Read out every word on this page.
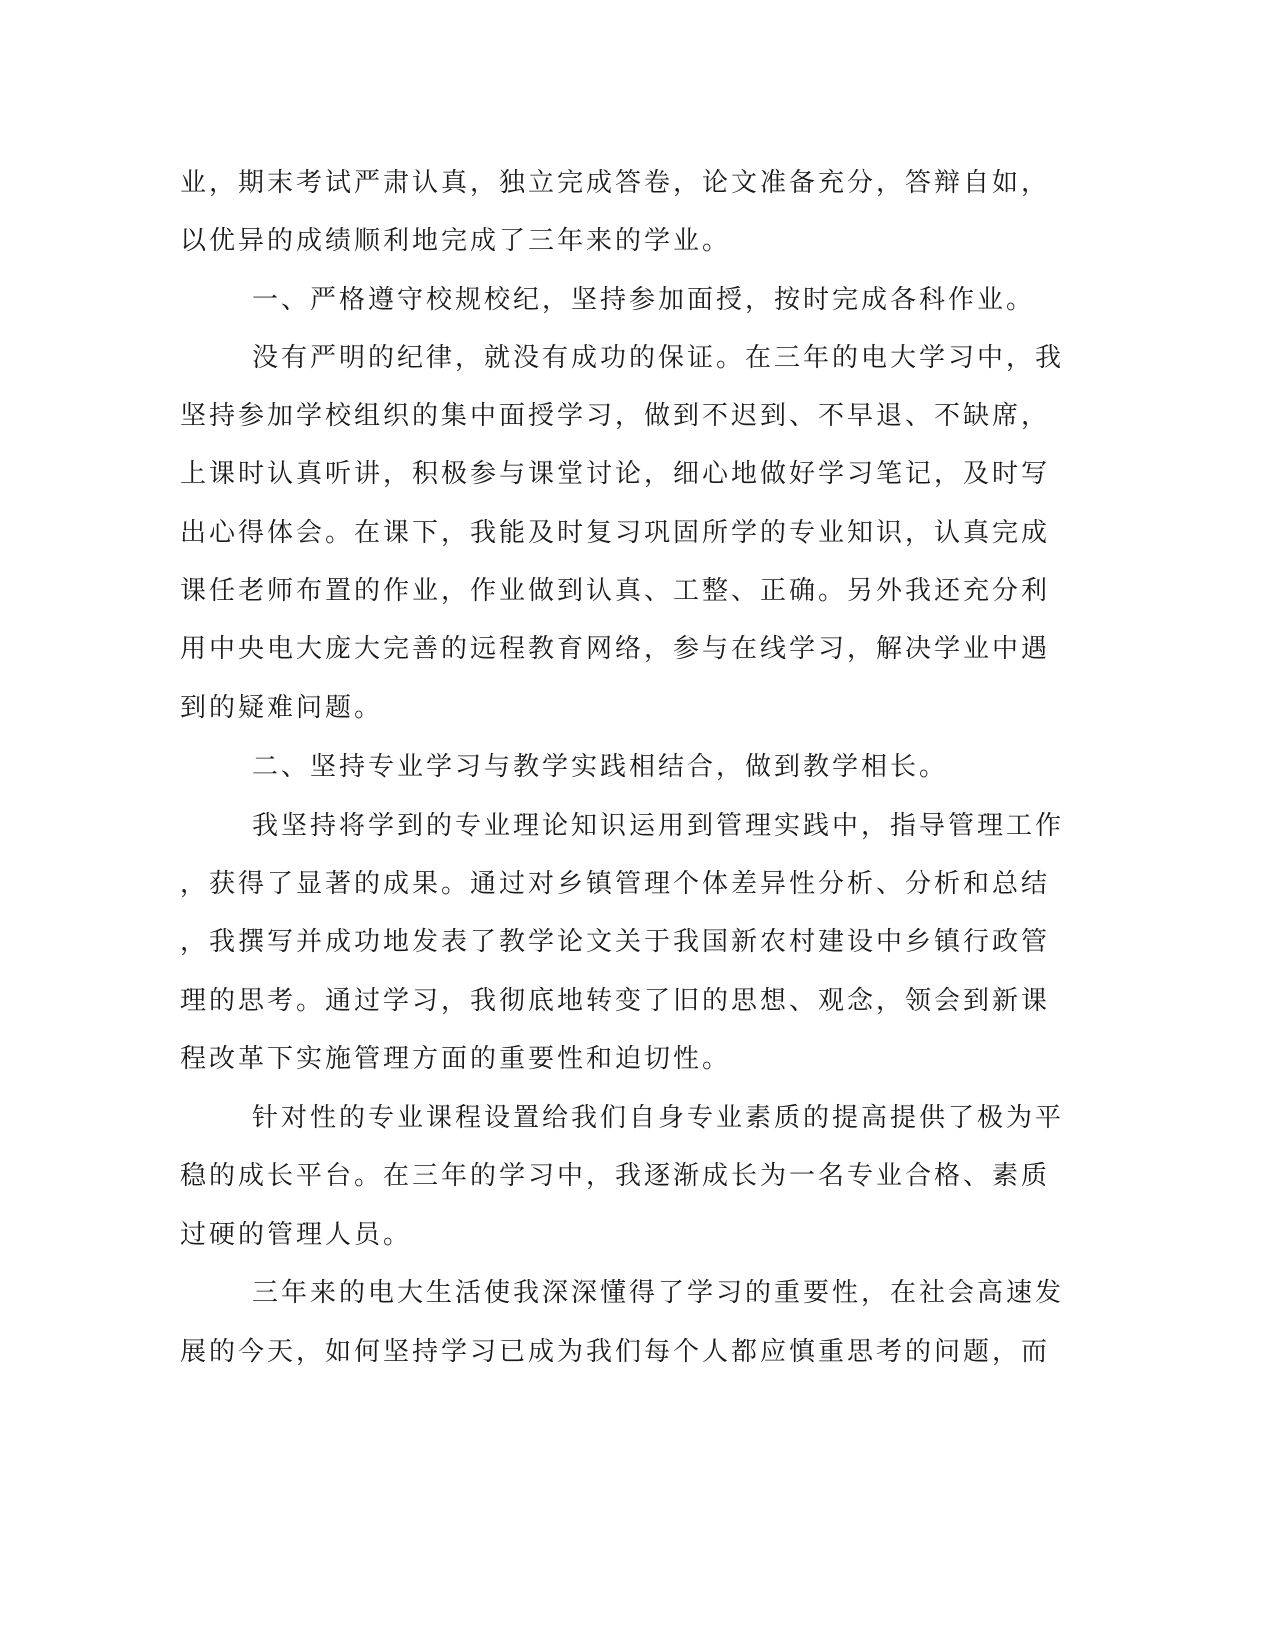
业，期末考试严肃认真，独立完成答卷，论文准备充分，答辩自如，
以优异的成绩顺利地完成了三年来的学业。
一、严格遵守校规校纪，坚持参加面授，按时完成各科作业。
没有严明的纪律，就没有成功的保证。在三年的电大学习中，我
坚持参加学校组织的集中面授学习，做到不迟到、不早退、不缺席，
上课时认真听讲，积极参与课堂讨论，细心地做好学习笔记，及时写
出心得体会。在课下，我能及时复习巩固所学的专业知识，认真完成
课任老师布置的作业，作业做到认真、工整、正确。另外我还充分利
用中央电大庞大完善的远程教育网络，参与在线学习，解决学业中遇
到的疑难问题。
二、坚持专业学习与教学实践相结合，做到教学相长。
我坚持将学到的专业理论知识运用到管理实践中，指导管理工作
，获得了显著的成果。通过对乡镇管理个体差异性分析、分析和总结
，我撰写并成功地发表了教学论文关于我国新农村建设中乡镇行政管
理的思考。通过学习，我彻底地转变了旧的思想、观念，领会到新课
程改革下实施管理方面的重要性和迫切性。
针对性的专业课程设置给我们自身专业素质的提高提供了极为平
稳的成长平台。在三年的学习中，我逐渐成长为一名专业合格、素质
过硬的管理人员。
三年来的电大生活使我深深懂得了学习的重要性，在社会高速发
展的今天，如何坚持学习已成为我们每个人都应慎重思考的问题，而
